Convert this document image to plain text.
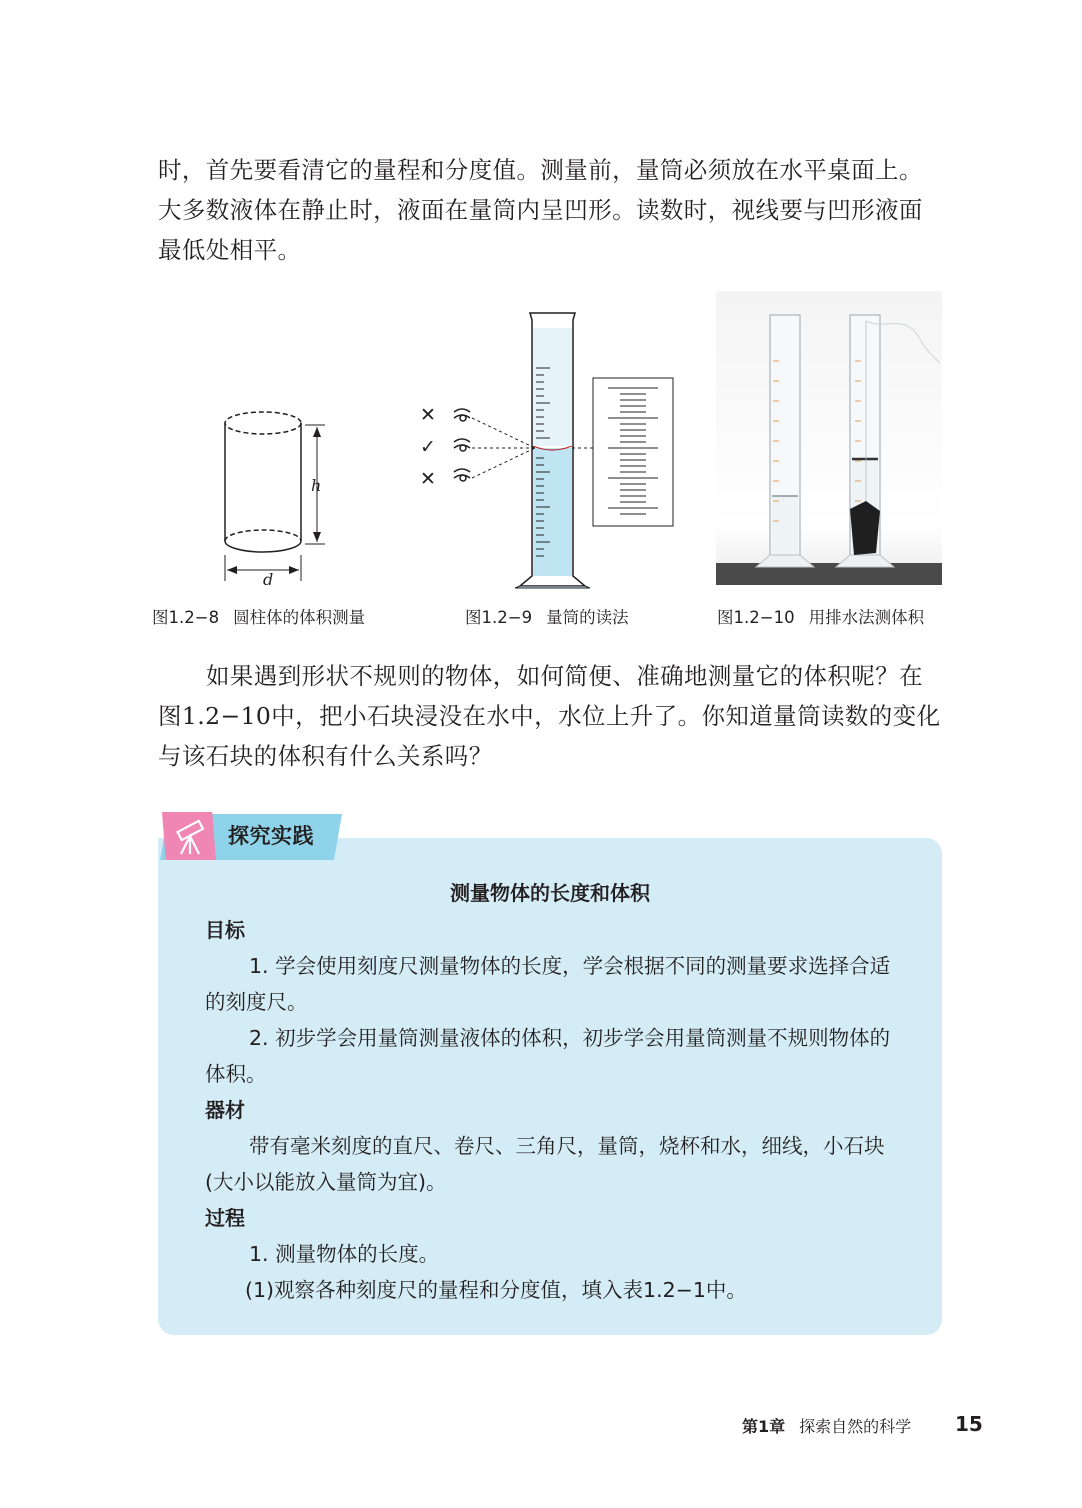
时，首先要看清它的量程和分度值。测量前，量筒必须放在水平桌面上。大多数液体在静止时，液面在量筒内呈凹形。读数时，视线要与凹形液面最低处相平。

h
d
✕
✓
✕
图1.2−8 圆柱体的体积测量	图1.2−9 量筒的读法	图1.2−10 用排水法测体积

如果遇到形状不规则的物体，如何简便、准确地测量它的体积呢？在图1.2−10中，把小石块浸没在水中，水位上升了。你知道量筒读数的变化与该石块的体积有什么关系吗？

探究实践
测量物体的长度和体积
目标

1. 学会使用刻度尺测量物体的长度，学会根据不同的测量要求选择合适的刻度尺。

2. 初步学会用量筒测量液体的体积，初步学会用量筒测量不规则物体的体积。

器材

带有毫米刻度的直尺、卷尺、三角尺，量筒，烧杯和水，细线，小石块(大小以能放入量筒为宜)。

过程

1. 测量物体的长度。

(1)观察各种刻度尺的量程和分度值，填入表1.2−1中。

第1章 探索自然的科学 15
